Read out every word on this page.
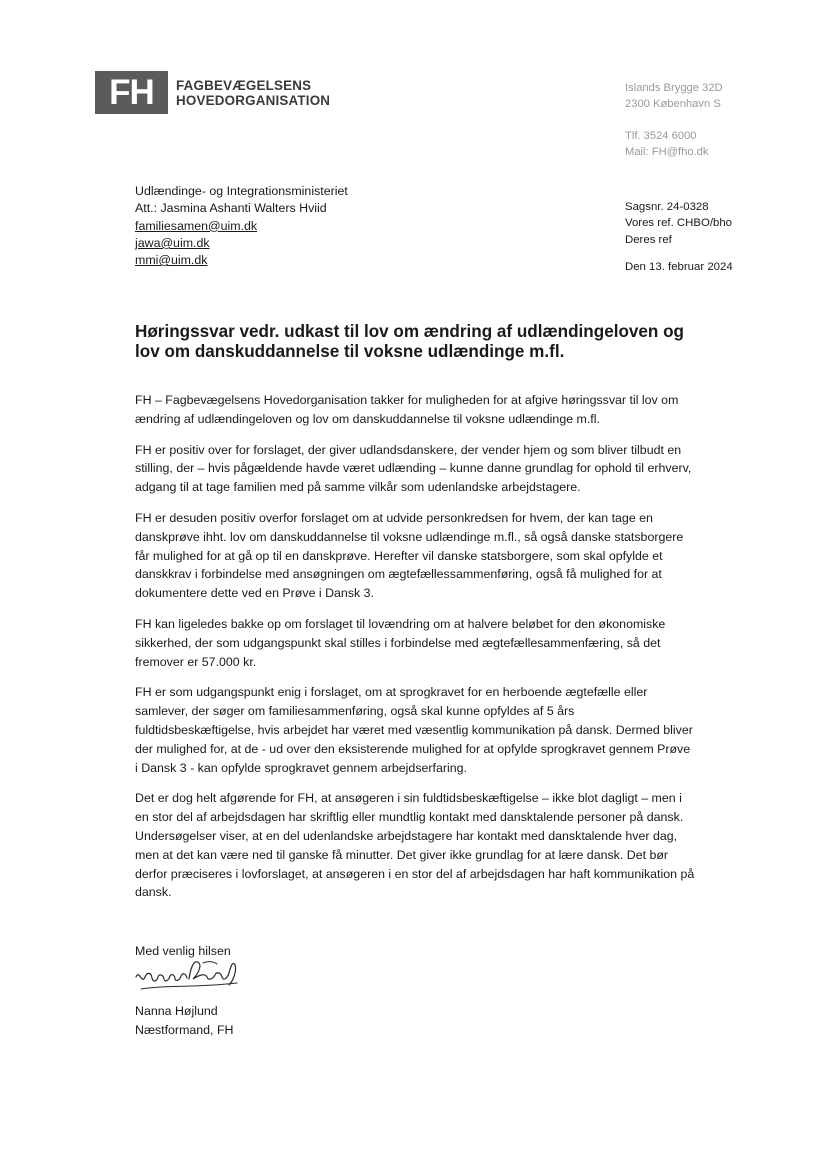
FH FAGBEVÆGELSENS
HOVEDORGANISATION
Islands Brygge 32D
2300 København S
Tlf. 3524 6000
Mail: FH@fho.dk
Udlændinge- og Integrationsministeriet
Att.: Jasmina Ashanti Walters Hviid
familiesamen@uim.dk
jawa@uim.dk
mmi@uim.dk
Sagsnr. 24-0328
Vores ref. CHBO/bho
Deres ref
Den 13. februar 2024
Høringssvar vedr. udkast til lov om ændring af udlændingeloven og lov om danskuddannelse til voksne udlændinge m.fl.

FH – Fagbevægelsens Hovedorganisation takker for muligheden for at afgive høringssvar til lov om ændring af udlændingeloven og lov om danskuddannelse til voksne udlændinge m.fl.

FH er positiv over for forslaget, der giver udlandsdanskere, der vender hjem og som bliver tilbudt en stilling, der – hvis pågældende havde været udlænding – kunne danne grundlag for ophold til erhverv, adgang til at tage familien med på samme vilkår som udenlandske arbejdstagere.

FH er desuden positiv overfor forslaget om at udvide personkredsen for hvem, der kan tage en danskprøve ihht. lov om danskuddannelse til voksne udlændinge m.fl., så også danske statsborgere får mulighed for at gå op til en danskprøve. Herefter vil danske statsborgere, som skal opfylde et danskkrav i forbindelse med ansøgningen om ægtefællessammenføring, også få mulighed for at dokumentere dette ved en Prøve i Dansk 3.

FH kan ligeledes bakke op om forslaget til lovændring om at halvere beløbet for den økonomiske sikkerhed, der som udgangspunkt skal stilles i forbindelse med ægtefællesammenfæring, så det fremover er 57.000 kr.

FH er som udgangspunkt enig i forslaget, om at sprogkravet for en herboende ægtefælle eller samlever, der søger om familiesammenføring, også skal kunne opfyldes af 5 års fuldtidsbeskæftigelse, hvis arbejdet har været med væsentlig kommunikation på dansk. Dermed bliver der mulighed for, at de - ud over den eksisterende mulighed for at opfylde sprogkravet gennem Prøve i Dansk 3 - kan opfylde sprogkravet gennem arbejdserfaring.

Det er dog helt afgørende for FH, at ansøgeren i sin fuldtidsbeskæftigelse – ikke blot dagligt – men i en stor del af arbejdsdagen har skriftlig eller mundtlig kontakt med dansktalende personer på dansk. Undersøgelser viser, at en del udenlandske arbejdstagere har kontakt med dansktalende hver dag, men at det kan være ned til ganske få minutter. Det giver ikke grundlag for at lære dansk. Det bør derfor præciseres i lovforslaget, at ansøgeren i en stor del af arbejdsdagen har haft kommunikation på dansk.

Med venlig hilsen
Nanna Højlund
Næstformand, FH
